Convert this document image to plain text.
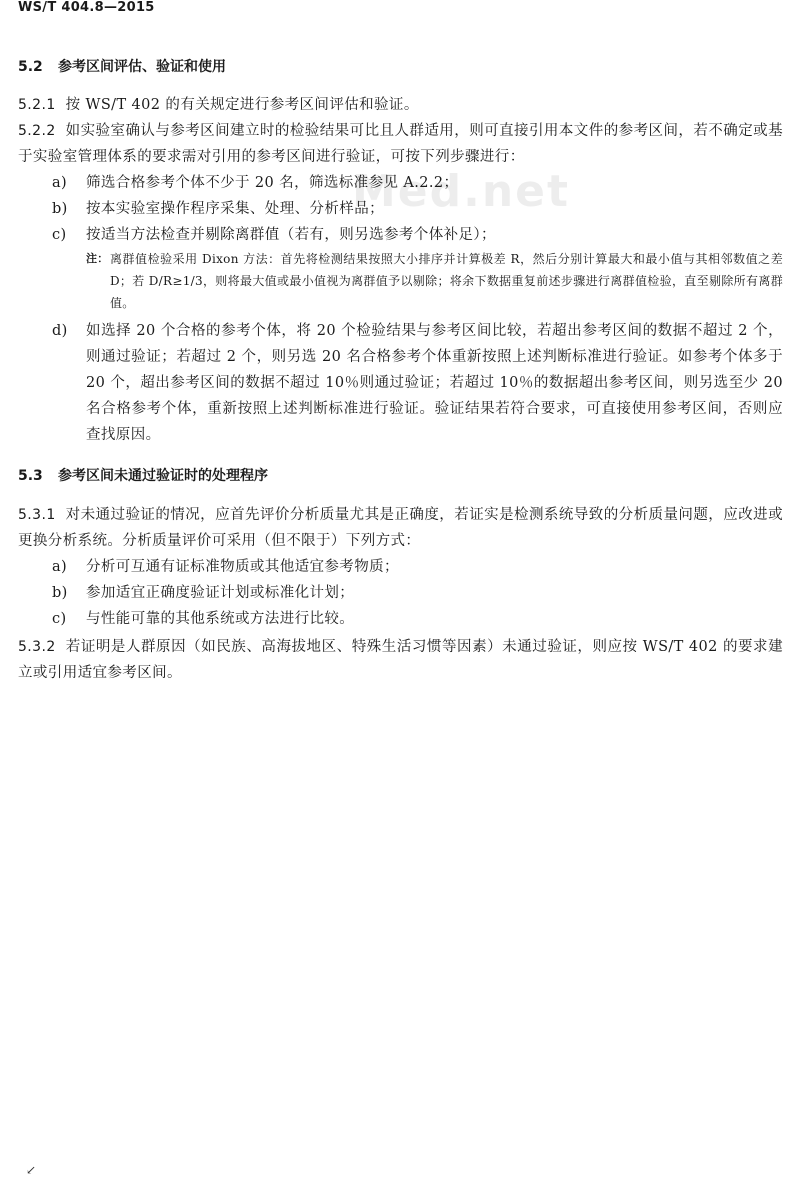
WS/T 404.8—2015
Med.net
5.2 参考区间评估、验证和使用
5.2.1 按 WS/T 402 的有关规定进行参考区间评估和验证。
5.2.2 如实验室确认与参考区间建立时的检验结果可比且人群适用，则可直接引用本文件的参考区间，若不确定或基于实验室管理体系的要求需对引用的参考区间进行验证，可按下列步骤进行：
a)	筛选合格参考个体不少于 20 名，筛选标准参见 A.2.2；
b)	按本实验室操作程序采集、处理、分析样品；
c)	按适当方法检查并剔除离群值（若有，则另选参考个体补足）；
注： 离群值检验采用 Dixon 方法：首先将检测结果按照大小排序并计算极差 R，然后分别计算最大和最小值与其相邻数值之差 D；若 D/R≥1/3，则将最大值或最小值视为离群值予以剔除；将余下数据重复前述步骤进行离群值检验，直至剔除所有离群值。
d)	如选择 20 个合格的参考个体，将 20 个检验结果与参考区间比较，若超出参考区间的数据不超过 2 个，则通过验证；若超过 2 个，则另选 20 名合格参考个体重新按照上述判断标准进行验证。如参考个体多于 20 个，超出参考区间的数据不超过 10％则通过验证；若超过 10％的数据超出参考区间，则另选至少 20 名合格参考个体，重新按照上述判断标准进行验证。验证结果若符合要求，可直接使用参考区间，否则应查找原因。
5.3 参考区间未通过验证时的处理程序
5.3.1 对未通过验证的情况，应首先评价分析质量尤其是正确度，若证实是检测系统导致的分析质量问题，应改进或更换分析系统。分析质量评价可采用（但不限于）下列方式：
a)	分析可互通有证标准物质或其他适宜参考物质；
b)	参加适宜正确度验证计划或标准化计划；
c)	与性能可靠的其他系统或方法进行比较。
5.3.2 若证明是人群原因（如民族、高海拔地区、特殊生活习惯等因素）未通过验证，则应按 WS/T 402 的要求建立或引用适宜参考区间。
↙
